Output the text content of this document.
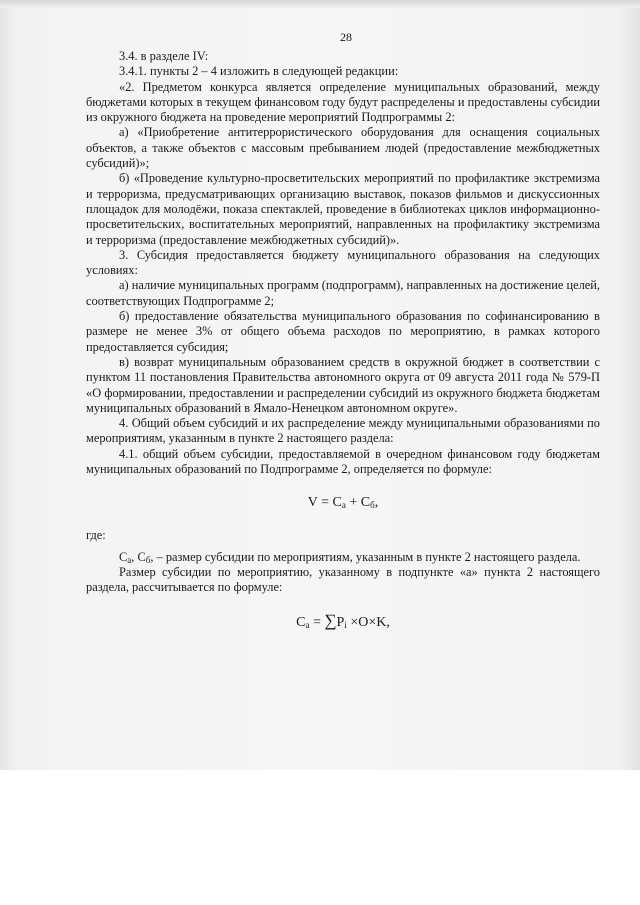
28

3.4. в разделе IV:

3.4.1. пункты 2 – 4 изложить в следующей редакции:

«2. Предметом конкурса является определение муниципальных образований, между бюджетами которых в текущем финансовом году будут распределены и предоставлены субсидии из окружного бюджета на проведение мероприятий Подпрограммы 2:

а) «Приобретение антитеррористического оборудования для оснащения социальных объектов, а также объектов с массовым пребыванием людей (предоставление межбюджетных субсидий)»;

б) «Проведение культурно-просветительских мероприятий по профилактике экстремизма и терроризма, предусматривающих организацию выставок, показов фильмов и дискуссионных площадок для молодёжи, показа спектаклей, проведение в библиотеках циклов информационно-просветительских, воспитательных мероприятий, направленных на профилактику экстремизма и терроризма (предоставление межбюджетных субсидий)».

3. Субсидия предоставляется бюджету муниципального образования на следующих условиях:

а) наличие муниципальных программ (подпрограмм), направленных на достижение целей, соответствующих Подпрограмме 2;

б) предоставление обязательства муниципального образования по софинансированию в размере не менее 3% от общего объема расходов по мероприятию, в рамках которого предоставляется субсидия;

в) возврат муниципальным образованием средств в окружной бюджет в соответствии с пунктом 11 постановления Правительства автономного округа от 09 августа 2011 года № 579-П «О формировании, предоставлении и распределении субсидий из окружного бюджета бюджетам муниципальных образований в Ямало-Ненецком автономном округе».

4. Общий объем субсидий и их распределение между муниципальными образованиями по мероприятиям, указанным в пункте 2 настоящего раздела:

4.1. общий объем субсидии, предоставляемой в очередном финансовом году бюджетам муниципальных образований по Подпрограмме 2, определяется по формуле:

$V = C_a + C_б$,

где:

$C_a$, $C_б$, – размер субсидии по мероприятиям, указанным в пункте 2 настоящего раздела.

Размер субсидии по мероприятию, указанному в подпункте «а» пункта 2 настоящего раздела, рассчитывается по формуле:

$C_a = \sum P_i \times O\times K$,
